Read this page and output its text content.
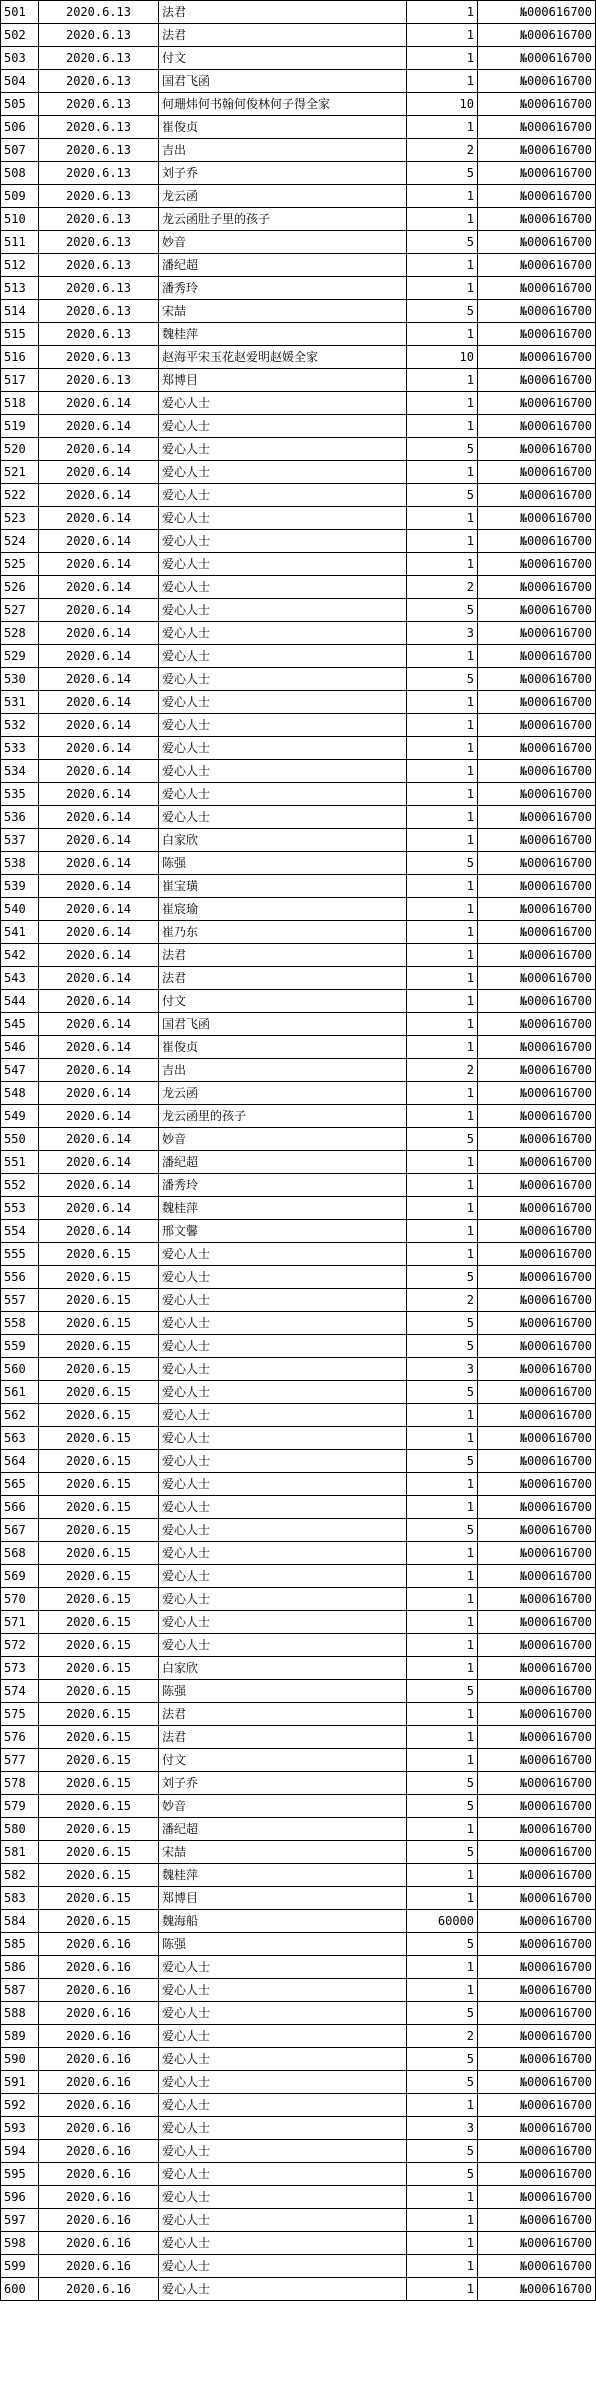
501	2020.6.13	法君	1	№000616700
502	2020.6.13	法君	1	№000616700
503	2020.6.13	付文	1	№000616700
504	2020.6.13	国君飞函	1	№000616700
505	2020.6.13	何珊炜何书翰何俊林何子得全家	10	№000616700
506	2020.6.13	崔俊贞	1	№000616700
507	2020.6.13	吉出	2	№000616700
508	2020.6.13	刘子乔	5	№000616700
509	2020.6.13	龙云函	1	№000616700
510	2020.6.13	龙云函肚子里的孩子	1	№000616700
511	2020.6.13	妙音	5	№000616700
512	2020.6.13	潘纪超	1	№000616700
513	2020.6.13	潘秀玲	1	№000616700
514	2020.6.13	宋喆	5	№000616700
515	2020.6.13	魏桂萍	1	№000616700
516	2020.6.13	赵海平宋玉花赵爱明赵媛全家	10	№000616700
517	2020.6.13	郑博目	1	№000616700
518	2020.6.14	爱心人士	1	№000616700
519	2020.6.14	爱心人士	1	№000616700
520	2020.6.14	爱心人士	5	№000616700
521	2020.6.14	爱心人士	1	№000616700
522	2020.6.14	爱心人士	5	№000616700
523	2020.6.14	爱心人士	1	№000616700
524	2020.6.14	爱心人士	1	№000616700
525	2020.6.14	爱心人士	1	№000616700
526	2020.6.14	爱心人士	2	№000616700
527	2020.6.14	爱心人士	5	№000616700
528	2020.6.14	爱心人士	3	№000616700
529	2020.6.14	爱心人士	1	№000616700
530	2020.6.14	爱心人士	5	№000616700
531	2020.6.14	爱心人士	1	№000616700
532	2020.6.14	爱心人士	1	№000616700
533	2020.6.14	爱心人士	1	№000616700
534	2020.6.14	爱心人士	1	№000616700
535	2020.6.14	爱心人士	1	№000616700
536	2020.6.14	爱心人士	1	№000616700
537	2020.6.14	白家欣	1	№000616700
538	2020.6.14	陈强	5	№000616700
539	2020.6.14	崔宝璜	1	№000616700
540	2020.6.14	崔宸瑜	1	№000616700
541	2020.6.14	崔乃东	1	№000616700
542	2020.6.14	法君	1	№000616700
543	2020.6.14	法君	1	№000616700
544	2020.6.14	付文	1	№000616700
545	2020.6.14	国君飞函	1	№000616700
546	2020.6.14	崔俊贞	1	№000616700
547	2020.6.14	吉出	2	№000616700
548	2020.6.14	龙云函	1	№000616700
549	2020.6.14	龙云函里的孩子	1	№000616700
550	2020.6.14	妙音	5	№000616700
551	2020.6.14	潘纪超	1	№000616700
552	2020.6.14	潘秀玲	1	№000616700
553	2020.6.14	魏桂萍	1	№000616700
554	2020.6.14	邢文馨	1	№000616700
555	2020.6.15	爱心人士	1	№000616700
556	2020.6.15	爱心人士	5	№000616700
557	2020.6.15	爱心人士	2	№000616700
558	2020.6.15	爱心人士	5	№000616700
559	2020.6.15	爱心人士	5	№000616700
560	2020.6.15	爱心人士	3	№000616700
561	2020.6.15	爱心人士	5	№000616700
562	2020.6.15	爱心人士	1	№000616700
563	2020.6.15	爱心人士	1	№000616700
564	2020.6.15	爱心人士	5	№000616700
565	2020.6.15	爱心人士	1	№000616700
566	2020.6.15	爱心人士	1	№000616700
567	2020.6.15	爱心人士	5	№000616700
568	2020.6.15	爱心人士	1	№000616700
569	2020.6.15	爱心人士	1	№000616700
570	2020.6.15	爱心人士	1	№000616700
571	2020.6.15	爱心人士	1	№000616700
572	2020.6.15	爱心人士	1	№000616700
573	2020.6.15	白家欣	1	№000616700
574	2020.6.15	陈强	5	№000616700
575	2020.6.15	法君	1	№000616700
576	2020.6.15	法君	1	№000616700
577	2020.6.15	付文	1	№000616700
578	2020.6.15	刘子乔	5	№000616700
579	2020.6.15	妙音	5	№000616700
580	2020.6.15	潘纪超	1	№000616700
581	2020.6.15	宋喆	5	№000616700
582	2020.6.15	魏桂萍	1	№000616700
583	2020.6.15	郑博目	1	№000616700
584	2020.6.15	魏海船	60000	№000616700
585	2020.6.16	陈强	5	№000616700
586	2020.6.16	爱心人士	1	№000616700
587	2020.6.16	爱心人士	1	№000616700
588	2020.6.16	爱心人士	5	№000616700
589	2020.6.16	爱心人士	2	№000616700
590	2020.6.16	爱心人士	5	№000616700
591	2020.6.16	爱心人士	5	№000616700
592	2020.6.16	爱心人士	1	№000616700
593	2020.6.16	爱心人士	3	№000616700
594	2020.6.16	爱心人士	5	№000616700
595	2020.6.16	爱心人士	5	№000616700
596	2020.6.16	爱心人士	1	№000616700
597	2020.6.16	爱心人士	1	№000616700
598	2020.6.16	爱心人士	1	№000616700
599	2020.6.16	爱心人士	1	№000616700
600	2020.6.16	爱心人士	1	№000616700
